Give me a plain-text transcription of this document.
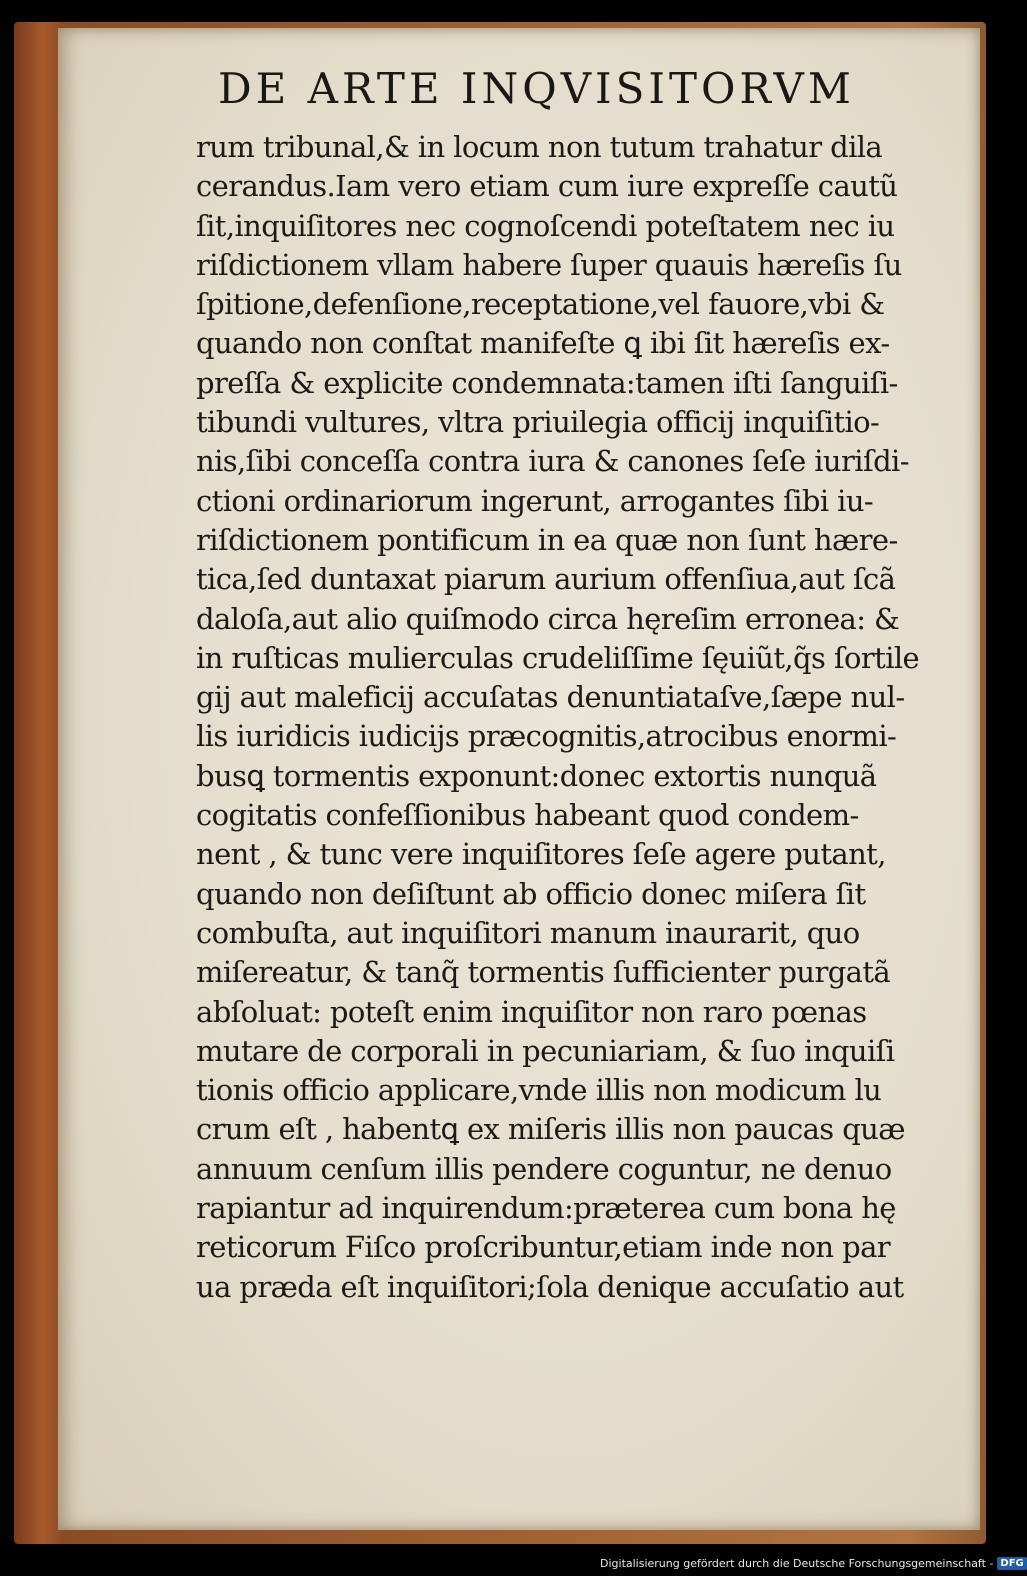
DE ARTE INQVISITORVM
rum tribunal,& in locum non tutum trahatur dila
cerandus.Iam vero etiam cum iure expreſſe cautũ
ſit,inquiſitores nec cognoſcendi poteſtatem nec iu
riſdictionem vllam habere ſuper quauis hæreſis ſu
ſpitione,defenſione,receptatione,vel fauore,vbi &
quando non conſtat manifeſte ꝗ ibi ſit hæreſis ex-
preſſa & explicite condemnata:tamen iſti ſanguiſi-
tibundi vultures, vltra priuilegia officij inquiſitio-
nis,ſibi conceſſa contra iura & canones ſeſe iuriſdi-
ctioni ordinariorum ingerunt, arrogantes ſibi iu-
riſdictionem pontificum in ea quæ non ſunt hære-
tica,ſed duntaxat piarum aurium offenſiua,aut ſcã
daloſa,aut alio quiſmodo circa hęreſim erronea: &
in ruſticas mulierculas crudeliſſime ſęuiũt,q̃s ſortile
gij aut maleficij accuſatas denuntiataſve,ſæpe nul-
lis iuridicis iudicijs præcognitis,atrocibus enormi-
busꝗ tormentis exponunt:donec extortis nunquã
cogitatis confeſſionibus habeant quod condem-
nent , & tunc vere inquiſitores ſeſe agere putant,
quando non deſiſtunt ab officio donec miſera ſit
combuſta, aut inquiſitori manum inaurarit, quo
miſereatur, & tanq̃ tormentis ſufficienter purgatã
abſoluat: poteſt enim inquiſitor non raro pœnas
mutare de corporali in pecuniariam, & ſuo inquiſi
tionis officio applicare,vnde illis non modicum lu
crum eſt , habentꝗ ex miſeris illis non paucas quæ
annuum cenſum illis pendere coguntur, ne denuo
rapiantur ad inquirendum:præterea cum bona hę
reticorum Fiſco proſcribuntur,etiam inde non par
ua præda eſt inquiſitori;ſola denique accuſatio aut
Digitalisierung gefördert durch die Deutsche Forschungsgemeinschaft - DFG
